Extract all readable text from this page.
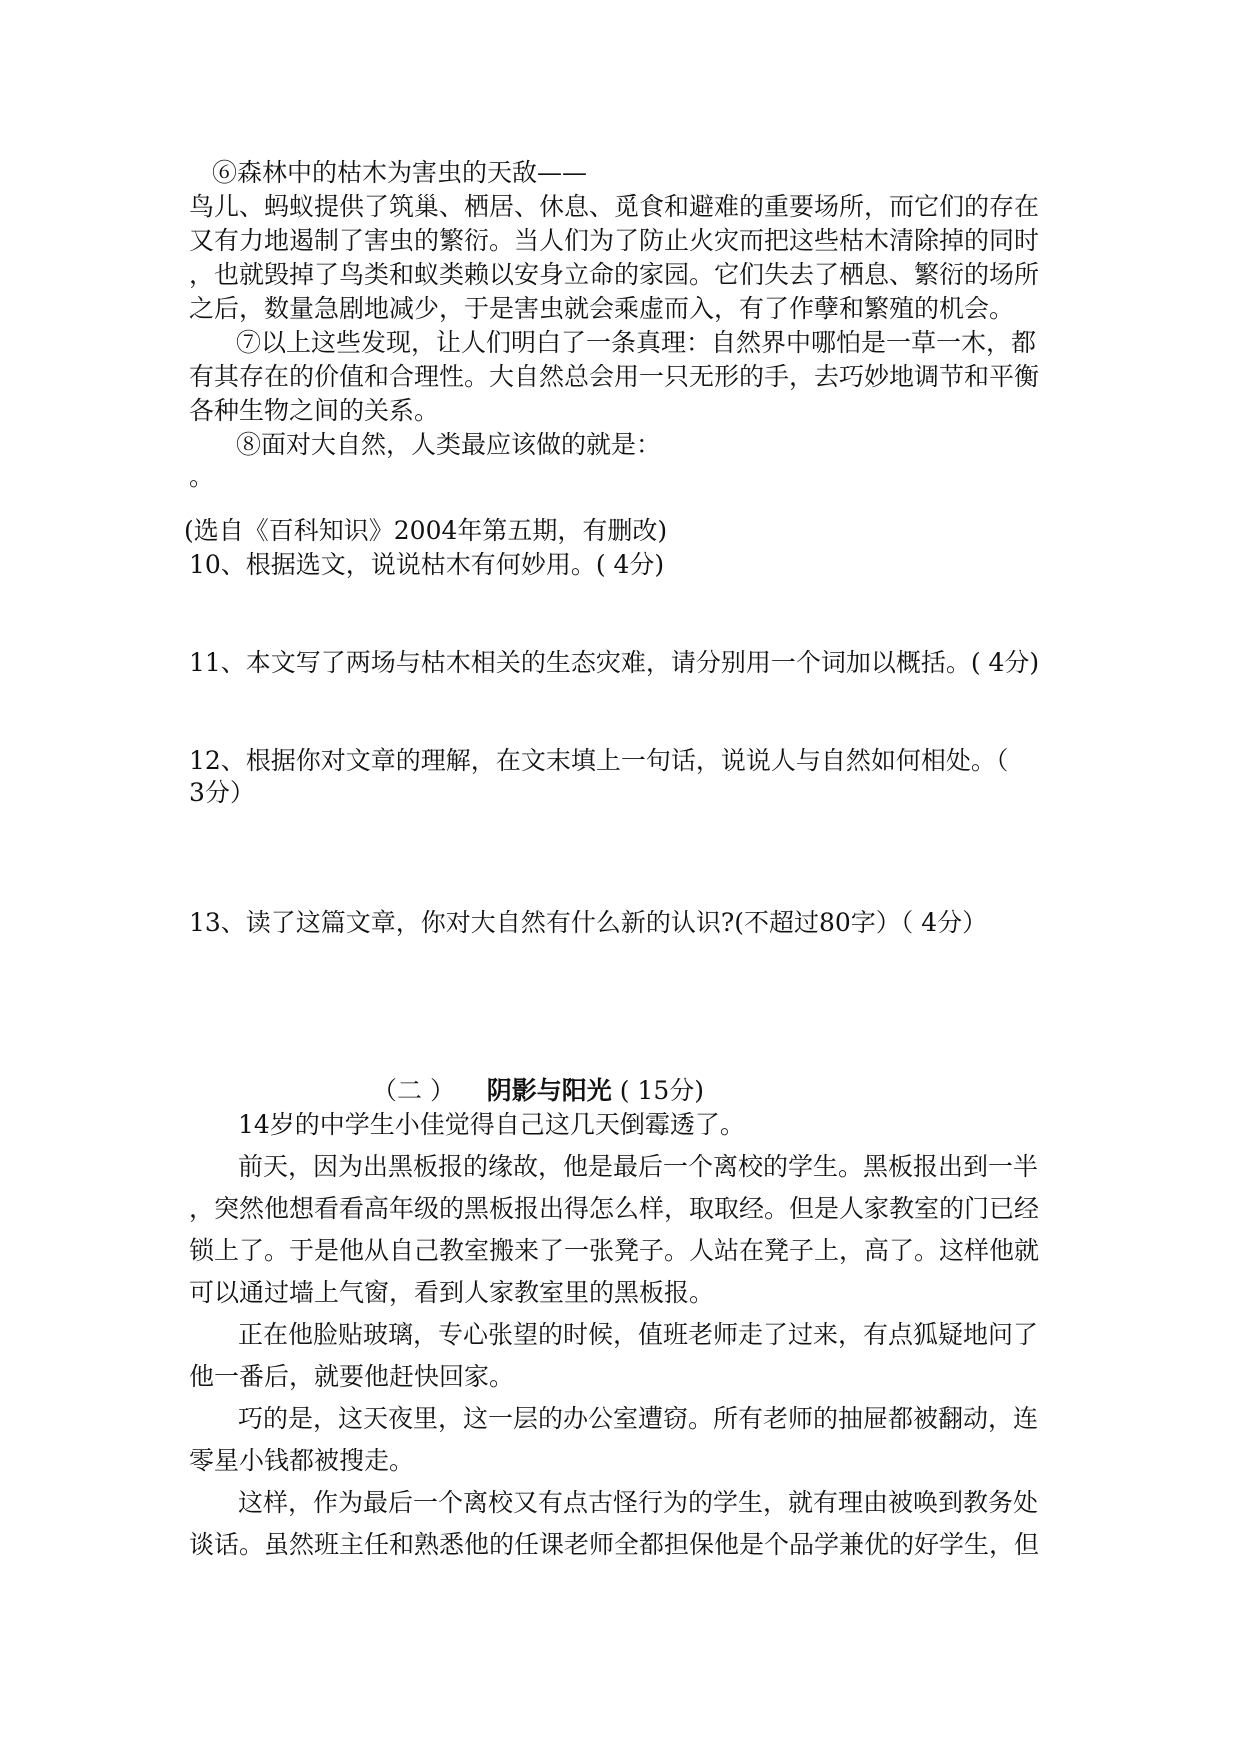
⑥森林中的枯木为害虫的天敌——
鸟儿、蚂蚁提供了筑巢、栖居、休息、觅食和避难的重要场所，而它们的存在
又有力地遏制了害虫的繁衍。当人们为了防止火灾而把这些枯木清除掉的同时
，也就毁掉了鸟类和蚁类赖以安身立命的家园。它们失去了栖息、繁衍的场所
之后，数量急剧地减少，于是害虫就会乘虚而入，有了作孽和繁殖的机会。
⑦以上这些发现，让人们明白了一条真理：自然界中哪怕是一草一木，都
有其存在的价值和合理性。大自然总会用一只无形的手，去巧妙地调节和平衡
各种生物之间的关系。
⑧面对大自然，人类最应该做的就是：
。
(选自《百科知识》2004年第五期，有删改)
10、根据选文，说说枯木有何妙用。( 4分)
11、本文写了两场与枯木相关的生态灾难，请分别用一个词加以概括。( 4分)
12、根据你对文章的理解，在文末填上一句话，说说人与自然如何相处。（
3分）
13、读了这篇文章，你对大自然有什么新的认识?(不超过80字）（ 4分）
（二 ） 阴影与阳光 ( 15分)
14岁的中学生小佳觉得自己这几天倒霉透了。
前天，因为出黑板报的缘故，他是最后一个离校的学生。黑板报出到一半
，突然他想看看高年级的黑板报出得怎么样，取取经。但是人家教室的门已经
锁上了。于是他从自己教室搬来了一张凳子。人站在凳子上，高了。这样他就
可以通过墙上气窗，看到人家教室里的黑板报。
正在他脸贴玻璃，专心张望的时候，值班老师走了过来，有点狐疑地问了
他一番后，就要他赶快回家。
巧的是，这天夜里，这一层的办公室遭窃。所有老师的抽屉都被翻动，连
零星小钱都被搜走。
这样，作为最后一个离校又有点古怪行为的学生，就有理由被唤到教务处
谈话。虽然班主任和熟悉他的任课老师全都担保他是个品学兼优的好学生，但
